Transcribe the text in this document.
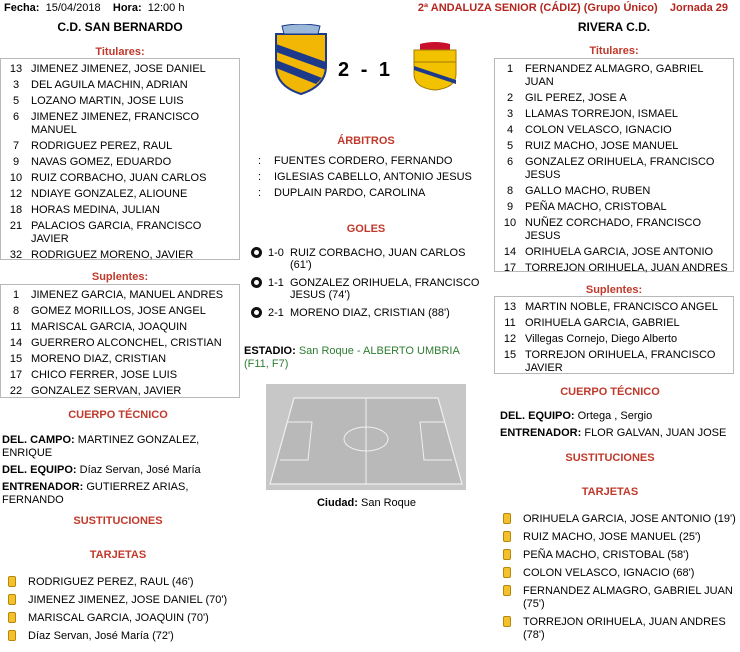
Fecha: 15/04/2018 Hora: 12:00 h	2ª ANDALUZA SENIOR (CÁDIZ) (Grupo Único) Jornada 29
C.D. SAN BERNARDO
Titulares:
13 JIMENEZ JIMENEZ, JOSE DANIEL
3	DEL AGUILA MACHIN, ADRIAN
5	LOZANO MARTIN, JOSE LUIS
6	JIMENEZ JIMENEZ, FRANCISCO MANUEL
7	RODRIGUEZ PEREZ, RAUL
9	NAVAS GOMEZ, EDUARDO
10 RUIZ CORBACHO, JUAN CARLOS
12 NDIAYE GONZALEZ, ALIOUNE
18 HORAS MEDINA, JULIAN
21 PALACIOS GARCIA, FRANCISCO JAVIER
32 RODRIGUEZ MORENO, JAVIER
Suplentes:
1	JIMENEZ GARCIA, MANUEL ANDRES
8	GOMEZ MORILLOS, JOSE ANGEL
11 MARISCAL GARCIA, JOAQUIN
14 GUERRERO ALCONCHEL, CRISTIAN
15 MORENO DIAZ, CRISTIAN
17 CHICO FERRER, JOSE LUIS
22 GONZALEZ SERVAN, JAVIER
CUERPO TÉCNICO
DEL. CAMPO: MARTINEZ GONZALEZ, ENRIQUE
DEL. EQUIPO: Díaz Servan, José María
ENTRENADOR: GUTIERREZ ARIAS, FERNANDO
SUSTITUCIONES
TARJETAS
RODRIGUEZ PEREZ, RAUL (46')
JIMENEZ JIMENEZ, JOSE DANIEL (70')
MARISCAL GARCIA, JOAQUIN (70')
Díaz Servan, José María (72')
2 - 1
ÁRBITROS
:	FUENTES CORDERO, FERNANDO
:	IGLESIAS CABELLO, ANTONIO JESUS
:	DUPLAIN PARDO, CAROLINA
GOLES
1-0 RUIZ CORBACHO, JUAN CARLOS (61')
1-1 GONZALEZ ORIHUELA, FRANCISCO JESUS (74')
2-1 MORENO DIAZ, CRISTIAN (88')
ESTADIO: San Roque - ALBERTO UMBRIA (F11, F7)
Ciudad: San Roque
RIVERA C.D.
Titulares:
1	FERNANDEZ ALMAGRO, GABRIEL JUAN
2	GIL PEREZ, JOSE A
3	LLAMAS TORREJON, ISMAEL
4	COLON VELASCO, IGNACIO
5	RUIZ MACHO, JOSE MANUEL
6	GONZALEZ ORIHUELA, FRANCISCO JESUS
8	GALLO MACHO, RUBEN
9	PEÑA MACHO, CRISTOBAL
10 NUÑEZ CORCHADO, FRANCISCO JESUS
14 ORIHUELA GARCIA, JOSE ANTONIO
17 TORREJON ORIHUELA, JUAN ANDRES
Suplentes:
13 MARTIN NOBLE, FRANCISCO ANGEL
11 ORIHUELA GARCIA, GABRIEL
12 Villegas Cornejo, Diego Alberto
15 TORREJON ORIHUELA, FRANCISCO JAVIER
CUERPO TÉCNICO
DEL. EQUIPO: Ortega , Sergio
ENTRENADOR: FLOR GALVAN, JUAN JOSE
SUSTITUCIONES
TARJETAS
ORIHUELA GARCIA, JOSE ANTONIO (19')
RUIZ MACHO, JOSE MANUEL (25')
PEÑA MACHO, CRISTOBAL (58')
COLON VELASCO, IGNACIO (68')
FERNANDEZ ALMAGRO, GABRIEL JUAN (75')
TORREJON ORIHUELA, JUAN ANDRES (78')
